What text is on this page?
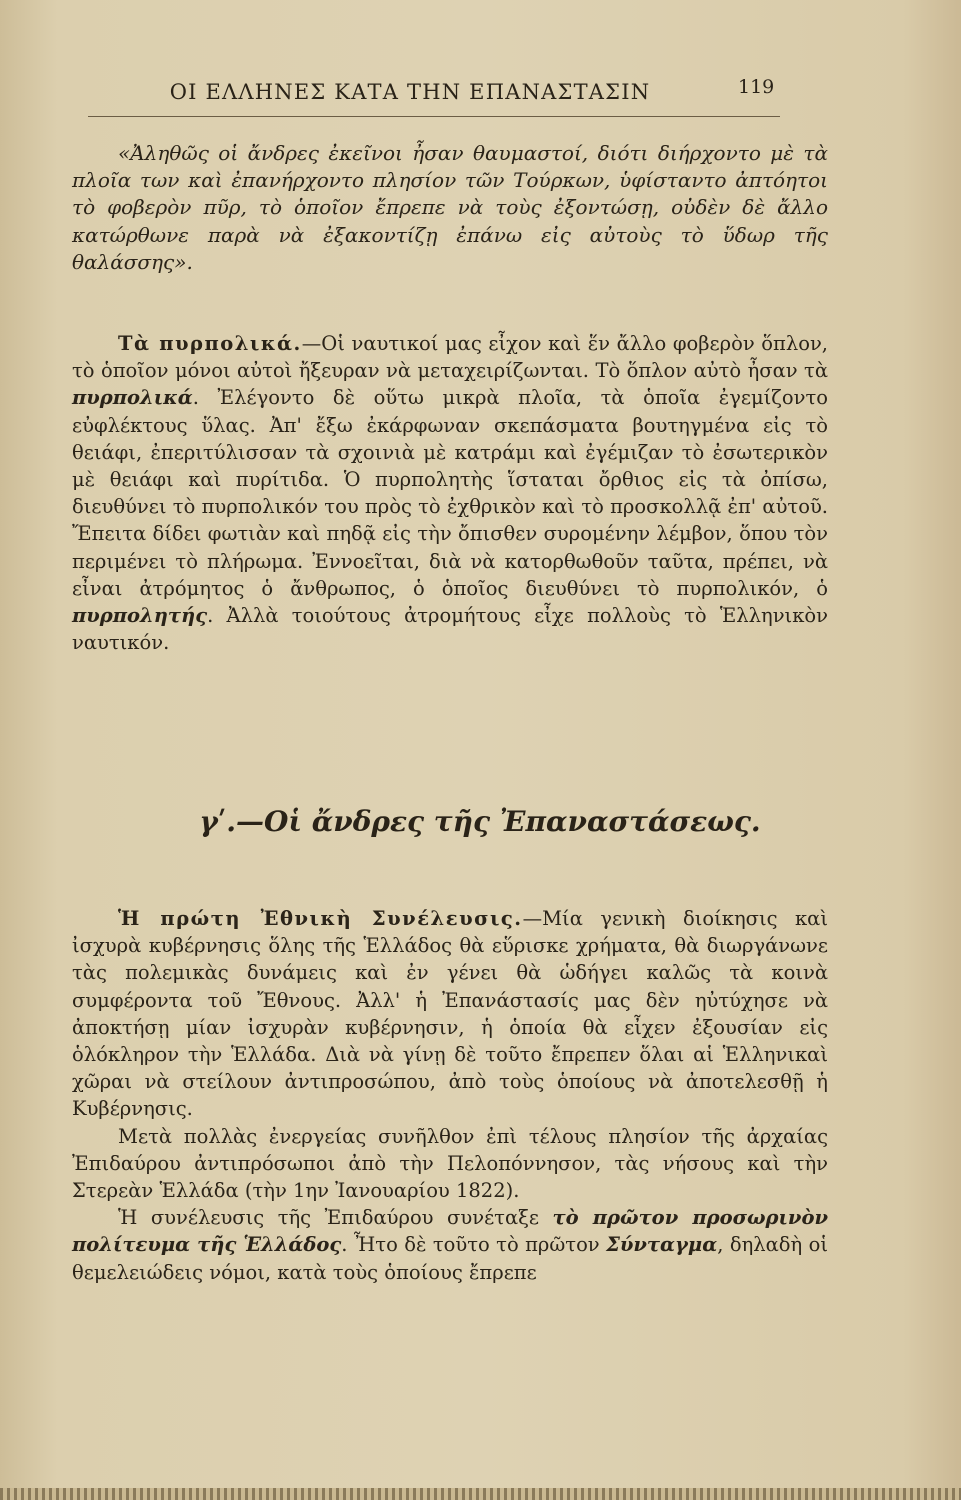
ΟΙ ΕΛΛΗΝΕΣ ΚΑΤΑ ΤΗΝ ΕΠΑΝΑΣΤΑΣΙΝ	119

«Ἀληθῶς οἱ ἄνδρες ἐκεῖνοι ἦσαν θαυμαστοί, διότι διήρχοντο μὲ τὰ πλοῖα των καὶ ἐπανήρχοντο πλησίον τῶν Τούρκων, ὑφίσταντο ἀπτόητοι τὸ φοβερὸν πῦρ, τὸ ὁποῖον ἔπρεπε νὰ τοὺς ἐξοντώσῃ, οὐδὲν δὲ ἄλλο κατώρθωνε παρὰ νὰ ἐξακοντίζῃ ἐπάνω εἰς αὐτοὺς τὸ ὕδωρ τῆς θαλάσσης».

Τὰ πυρπολικά.—Οἱ ναυτικοί μας εἶχον καὶ ἕν ἄλλο φοβερὸν ὅπλον, τὸ ὁποῖον μόνοι αὐτοὶ ἤξευραν νὰ μεταχειρίζωνται. Τὸ ὅπλον αὐτὸ ἦσαν τὰ πυρπολικά. Ἐλέγοντο δὲ οὕτω μικρὰ πλοῖα, τὰ ὁποῖα ἐγεμίζοντο εὐφλέκτους ὕλας. Ἀπ' ἔξω ἐκάρφωναν σκεπάσματα βουτηγμένα εἰς τὸ θειάφι, ἐπεριτύλισσαν τὰ σχοινιὰ μὲ κατράμι καὶ ἐγέμιζαν τὸ ἐσωτερικὸν μὲ θειάφι καὶ πυρίτιδα. Ὁ πυρπολητὴς ἵσταται ὄρθιος εἰς τὰ ὀπίσω, διευθύνει τὸ πυρπολικόν του πρὸς τὸ ἐχθρικὸν καὶ τὸ προσκολλᾷ ἐπ' αὐτοῦ. Ἔπειτα δίδει φωτιὰν καὶ πηδᾷ εἰς τὴν ὄπισθεν συρομένην λέμβον, ὅπου τὸν περιμένει τὸ πλήρωμα. Ἐννοεῖται, διὰ νὰ κατορθωθοῦν ταῦτα, πρέπει, νὰ εἶναι ἀτρόμητος ὁ ἄνθρωπος, ὁ ὁποῖος διευθύνει τὸ πυρπολικόν, ὁ πυρπολητής. Ἀλλὰ τοιούτους ἀτρομήτους εἶχε πολλοὺς τὸ Ἑλληνικὸν ναυτικόν.

γʹ.—Οἱ ἄνδρες τῆς Ἐπαναστάσεως.

Ἡ πρώτη Ἐθνικὴ Συνέλευσις.—Μία γενικὴ διοίκησις καὶ ἰσχυρὰ κυβέρνησις ὅλης τῆς Ἑλλάδος θὰ εὕρισκε χρήματα, θὰ διωργάνωνε τὰς πολεμικὰς δυνάμεις καὶ ἐν γένει θὰ ὡδήγει καλῶς τὰ κοινὰ συμφέροντα τοῦ Ἔθνους. Ἀλλ' ἡ Ἐπανάστασίς μας δὲν ηὐτύχησε νὰ ἀποκτήσῃ μίαν ἰσχυρὰν κυβέρνησιν, ἡ ὁποία θὰ εἶχεν ἐξουσίαν εἰς ὁλόκληρον τὴν Ἑλλάδα. Διὰ νὰ γίνῃ δὲ τοῦτο ἔπρεπεν ὅλαι αἱ Ἑλληνικαὶ χῶραι νὰ στείλουν ἀντιπροσώπου, ἀπὸ τοὺς ὁποίους νὰ ἀποτελεσθῇ ἡ Κυβέρνησις.

Μετὰ πολλὰς ἐνεργείας συνῆλθον ἐπὶ τέλους πλησίον τῆς ἀρχαίας Ἐπιδαύρου ἀντιπρόσωποι ἀπὸ τὴν Πελοπόννησον, τὰς νήσους καὶ τὴν Στερεὰν Ἑλλάδα (τὴν 1ην Ἰανουαρίου 1822).

Ἡ συνέλευσις τῆς Ἐπιδαύρου συνέταξε τὸ πρῶτον προσωρινὸν πολίτευμα τῆς Ἑλλάδος. Ἦτο δὲ τοῦτο τὸ πρῶτον Σύνταγμα, δηλαδὴ οἱ θεμελειώδεις νόμοι, κατὰ τοὺς ὁποίους ἔπρεπε
